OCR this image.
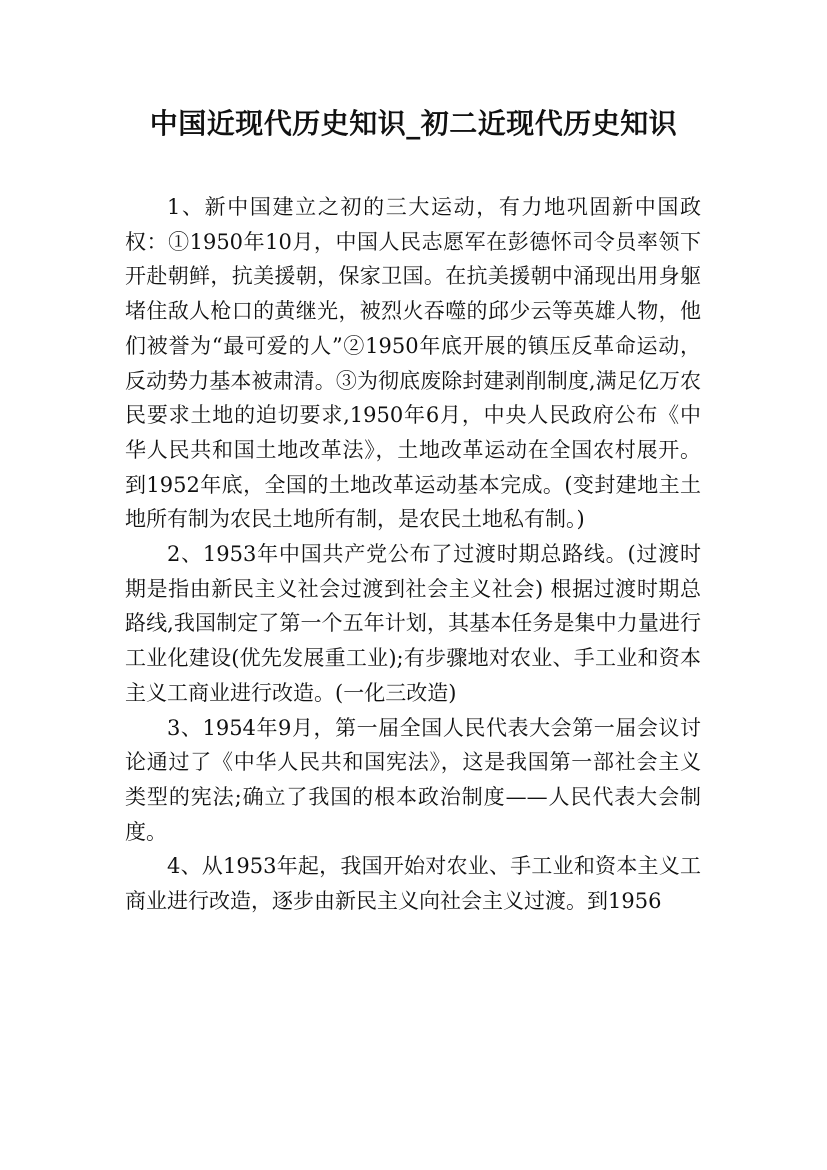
中国近现代历史知识_初二近现代历史知识

1、新中国建立之初的三大运动，有力地巩固新中国政权：①1950年10月，中国人民志愿军在彭德怀司令员率领下开赴朝鲜，抗美援朝，保家卫国。在抗美援朝中涌现出用身躯堵住敌人枪口的黄继光，被烈火吞噬的邱少云等英雄人物，他们被誉为“最可爱的人”②1950年底开展的镇压反革命运动，反动势力基本被肃清。③为彻底废除封建剥削制度,满足亿万农民要求土地的迫切要求,1950年6月，中央人民政府公布《中华人民共和国土地改革法》，土地改革运动在全国农村展开。到1952年底，全国的土地改革运动基本完成。(变封建地主土地所有制为农民土地所有制，是农民土地私有制。)

2、1953年中国共产党公布了过渡时期总路线。(过渡时期是指由新民主义社会过渡到社会主义社会) 根据过渡时期总路线,我国制定了第一个五年计划，其基本任务是集中力量进行工业化建设(优先发展重工业);有步骤地对农业、手工业和资本主义工商业进行改造。(一化三改造)

3、1954年9月，第一届全国人民代表大会第一届会议讨论通过了《中华人民共和国宪法》，这是我国第一部社会主义类型的宪法;确立了我国的根本政治制度——人民代表大会制度。

4、从1953年起，我国开始对农业、手工业和资本主义工商业进行改造，逐步由新民主义向社会主义过渡。到1956
